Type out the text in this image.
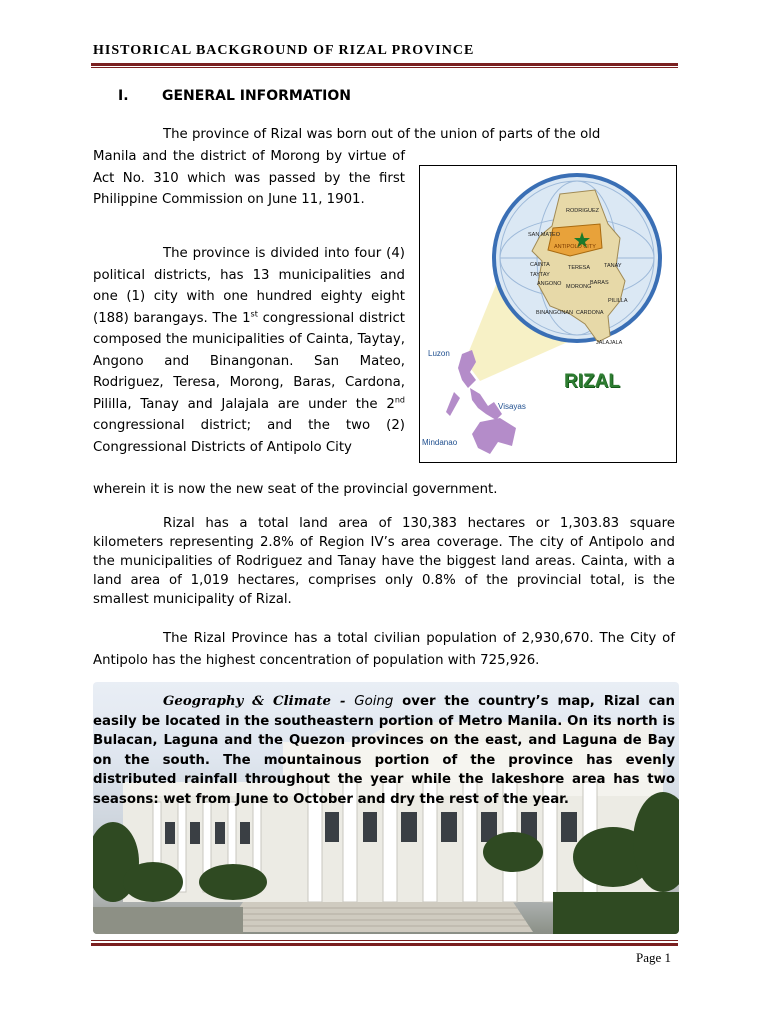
HISTORICAL BACKGROUND OF RIZAL PROVINCE
I. GENERAL INFORMATION
The province of Rizal was born out of the union of parts of the old
Manila and the district of Morong by virtue of Act No. 310 which was passed by the first Philippine Commission on June 11, 1901.
The province is divided into four (4) political districts, has 13 municipalities and one (1) city with one hundred eighty eight (188) barangays. The 1st congressional district composed the municipalities of Cainta, Taytay, Angono and Binangonan. San Mateo, Rodriguez, Teresa, Morong, Baras, Cardona, Pililla, Tanay and Jalajala are under the 2nd congressional district; and the two (2) Congressional Districts of Antipolo City
wherein it is now the new seat of the provincial government.
Luzon
Visayas
Mindanao
RIZAL
RODRIGUEZ
SAN MATEO
ANTIPOLO CITY
CAINTA
TAYTAY
ANGONO
TERESA
MORONG
BARAS
TANAY
PILILLA
BINANGONAN CARDONA
JALAJALA
Rizal has a total land area of 130,383 hectares or 1,303.83 square kilometers representing 2.8% of Region IV’s area coverage. The city of Antipolo and the municipalities of Rodriguez and Tanay have the biggest land areas. Cainta, with a land area of 1,019 hectares, comprises only 0.8% of the provincial total, is the smallest municipality of Rizal.
The Rizal Province has a total civilian population of 2,930,670. The City of Antipolo has the highest concentration of population with 725,926.
Geography & Climate - Going over the country’s map, Rizal can easily be located in the southeastern portion of Metro Manila. On its north is Bulacan, Laguna and the Quezon provinces on the east, and Laguna de Bay on the south. The mountainous portion of the province has evenly distributed rainfall throughout the year while the lakeshore area has two seasons: wet from June to October and dry the rest of the year.
Page 1
